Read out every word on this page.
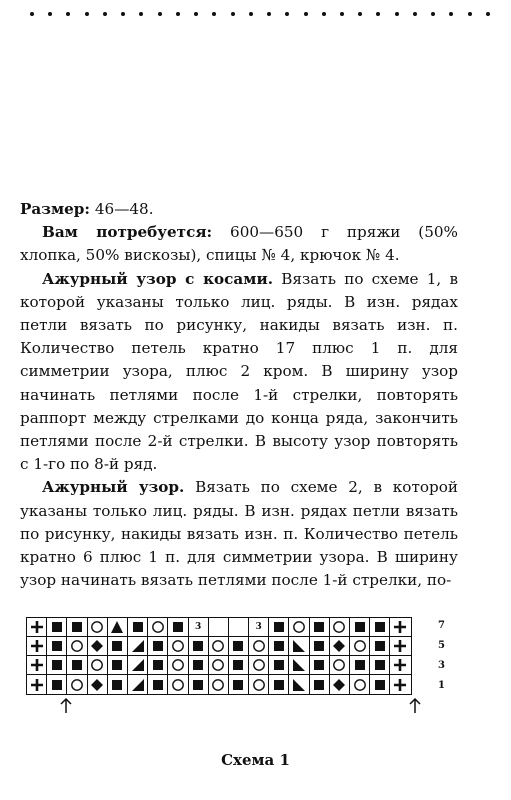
Размер: 46—48.

Вам потребуется: 600—650 г пряжи (50% хлопка, 50% вискозы), спицы № 4, крючок № 4.

Ажурный узор с косами. Вязать по схеме 1, в которой указаны только лиц. ряды. В изн. рядах петли вязать по рисунку, накиды вязать изн. п. Количество петель кратно 17 плюс 1 п. для симметрии узора, плюс 2 кром. В ширину узор начинать петлями после 1-й стрелки, повторять раппорт между стрелками до конца ряда, закончить петлями после 2-й стрелки. В высоту узор повторять с 1-го по 8-й ряд.

Ажурный узор. Вязать по схеме 2, в которой указаны только лиц. ряды. В изн. рядах петли вязать по рисунку, накиды вязать изн. п. Количество петель кратно 6 плюс 1 п. для симметрии узора. В ширину узор начинать вязать петлями после 1-й стрелки, по-

3	3	7
5
3
1
Схема 1
